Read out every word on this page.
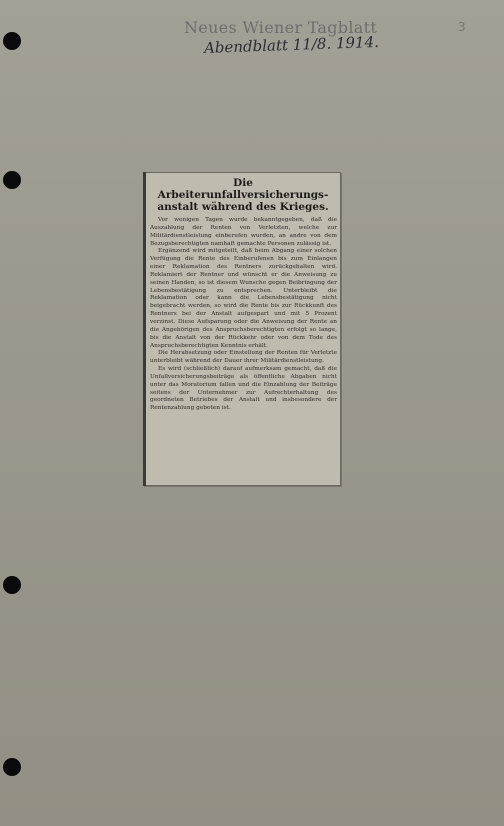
Neues Wiener Tagblatt
Abendblatt 11/8. 1914.
3
Die Arbeiterunfallversicherungs-
anstalt während des Krieges.

Vor wenigen Tagen wurde bekanntgegeben, daß die Auszahlung der Renten von Verletzten, welche zur Militärdienstleistung einberufen wurden, an andre von dem Bezugsberechtigten namhaft gemachte Personen zulässig ist.

Ergänzend wird mitgeteilt, daß beim Abgang einer solchen Verfügung die Rente des Einberufenen bis zum Einlangen einer Reklamation des Rentners zurückgehalten wird. Reklamiert der Rentner und wünscht er die Anweisung zu seinen Handen, so ist diesem Wunsche gegen Beibringung der Lebensbestätigung zu entsprechen. Unterbleibt die Reklamation oder kann die Lebensbestätigung nicht beigebracht werden, so wird die Rente bis zur Rückkunft des Rentners bei der Anstalt aufgespart und mit 5 Prozent verzinst. Diese Aufsparung oder die Anweisung der Rente an die Angehörigen des Anspruchsberechtigten erfolgt so lange, bis die Anstalt von der Rückkehr oder von dem Tode des Anspruchsberechtigten Kenntnis erhält.

Die Herabsetzung oder Einstellung der Renten für Verletzte unterbleibt während der Dauer ihrer Militärdienstleistung.

Es wird (schließlich) darauf aufmerksam gemacht, daß die Unfallversicherungsbeiträge als öffentliche Abgaben nicht unter das Moratorium fallen und die Einzahlung der Beiträge seitens der Unternehmer zur Aufrechterhaltung des geordneten Betriebes der Anstalt und insbesondere der Rentenzahlung geboten ist.
